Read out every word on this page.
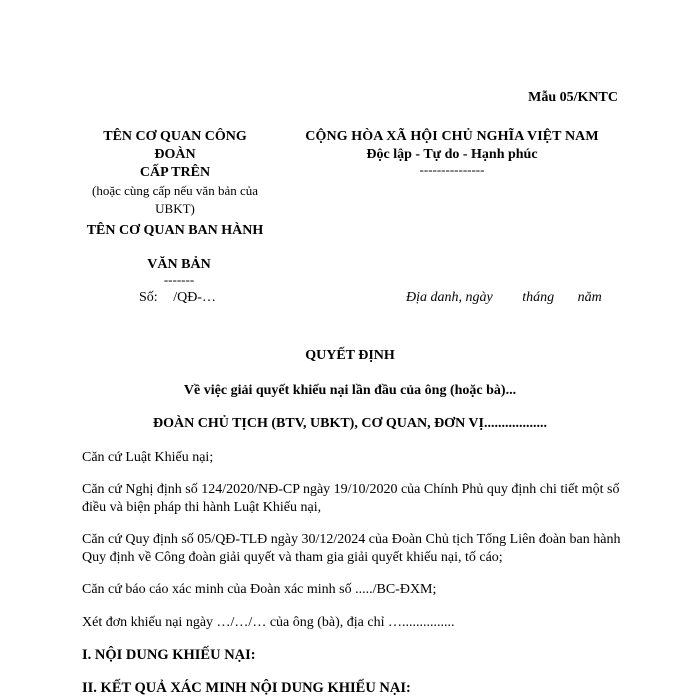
Mẫu 05/KNTC
TÊN CƠ QUAN CÔNG
ĐOÀN
CẤP TRÊN
(hoặc cùng cấp nếu văn bản của
UBKT)
TÊN CƠ QUAN BAN HÀNH
VĂN BẢN
-------
CỘNG HÒA XÃ HỘI CHỦ NGHĨA VIỆT NAM
Độc lập - Tự do - Hạnh phúc
---------------
Số: /QĐ-…	Địa danh, ngày tháng năm
QUYẾT ĐỊNH
Về việc giải quyết khiếu nại lần đầu của ông (hoặc bà)...
ĐOÀN CHỦ TỊCH (BTV, UBKT), CƠ QUAN, ĐƠN VỊ..................
Căn cứ Luật Khiếu nại;
Căn cứ Nghị định số 124/2020/NĐ-CP ngày 19/10/2020 của Chính Phủ quy định chi tiết một số điều và biện pháp thi hành Luật Khiếu nại,
Căn cứ Quy định số 05/QĐ-TLĐ ngày 30/12/2024 của Đoàn Chủ tịch Tổng Liên đoàn ban hành Quy định về Công đoàn giải quyết và tham gia giải quyết khiếu nại, tố cáo;
Căn cứ báo cáo xác minh của Đoàn xác minh số ...../BC-ĐXM;
Xét đơn khiếu nại ngày …/…/… của ông (bà), địa chỉ …...............
I. NỘI DUNG KHIẾU NẠI:
II. KẾT QUẢ XÁC MINH NỘI DUNG KHIẾU NẠI:
